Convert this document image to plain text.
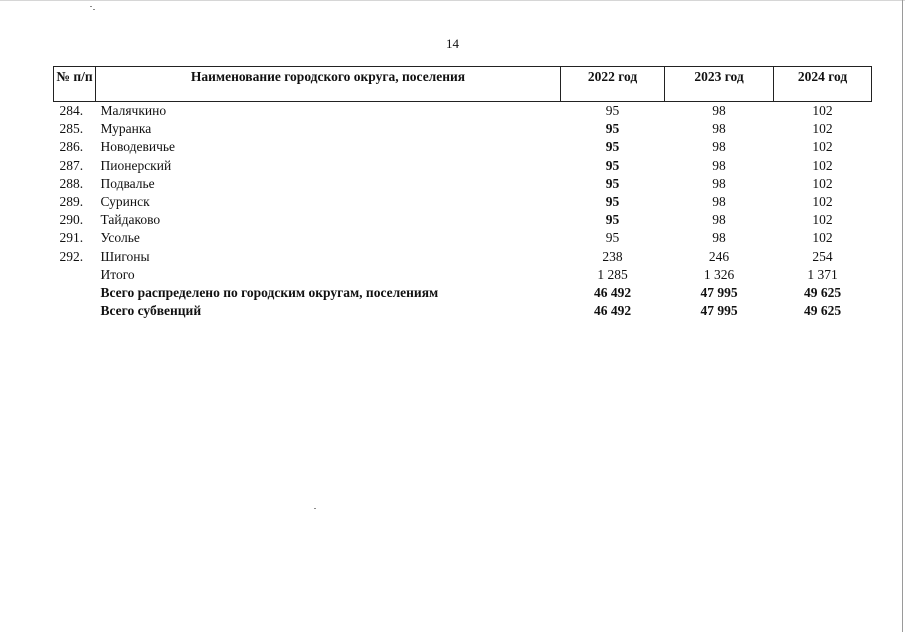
14
№ п/п	Наименование городского округа, поселения	2022 год	2023 год	2024 год
284.	Малячкино	95	98	102
285.	Муранка	95	98	102
286.	Новодевичье	95	98	102
287.	Пионерский	95	98	102
288.	Подвалье	95	98	102
289.	Суринск	95	98	102
290.	Тайдаково	95	98	102
291.	Усолье	95	98	102
292.	Шигоны	238	246	254
	Итого	1 285	1 326	1 371
	Всего распределено по городским округам, поселениям	46 492	47 995	49 625
	Всего субвенций	46 492	47 995	49 625
